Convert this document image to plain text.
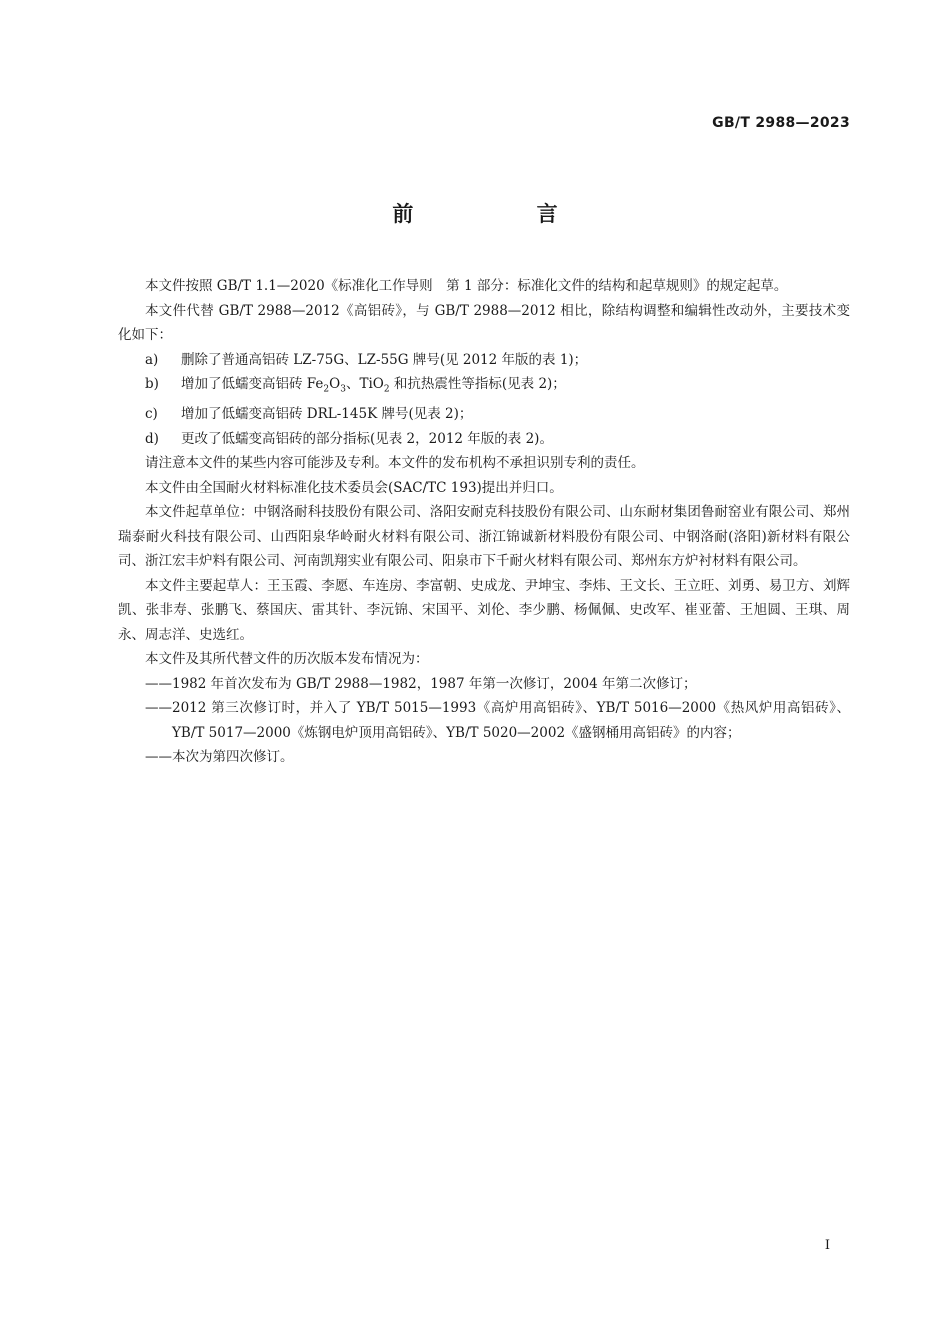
GB/T 2988—2023
前 言

本文件按照 GB/T 1.1—2020《标准化工作导则　第 1 部分：标准化文件的结构和起草规则》的规定起草。

本文件代替 GB/T 2988—2012《高铝砖》，与 GB/T 2988—2012 相比，除结构调整和编辑性改动外，主要技术变化如下：

a) 删除了普通高铝砖 LZ-75G、LZ-55G 牌号(见 2012 年版的表 1)；

b) 增加了低蠕变高铝砖 $Fe_2O_3$、TiO$_2$ 和抗热震性等指标(见表 2)；

c) 增加了低蠕变高铝砖 DRL-145K 牌号(见表 2)；

d) 更改了低蠕变高铝砖的部分指标(见表 2，2012 年版的表 2)。

请注意本文件的某些内容可能涉及专利。本文件的发布机构不承担识别专利的责任。

本文件由全国耐火材料标准化技术委员会(SAC/TC 193)提出并归口。

本文件起草单位：中钢洛耐科技股份有限公司、洛阳安耐克科技股份有限公司、山东耐材集团鲁耐窑业有限公司、郑州瑞泰耐火科技有限公司、山西阳泉华岭耐火材料有限公司、浙江锦诚新材料股份有限公司、中钢洛耐(洛阳)新材料有限公司、浙江宏丰炉料有限公司、河南凯翔实业有限公司、阳泉市下千耐火材料有限公司、郑州东方炉衬材料有限公司。

本文件主要起草人：王玉霞、李愿、车连房、李富朝、史成龙、尹坤宝、李炜、王文长、王立旺、刘勇、易卫方、刘辉凯、张非寿、张鹏飞、蔡国庆、雷其针、李沅锦、宋国平、刘伦、李少鹏、杨佩佩、史改军、崔亚蕾、王旭圆、王琪、周永、周志洋、史选红。

本文件及其所代替文件的历次版本发布情况为：

——1982 年首次发布为 GB/T 2988—1982，1987 年第一次修订，2004 年第二次修订；

——2012 第三次修订时，并入了 YB/T 5015—1993《高炉用高铝砖》、YB/T 5016—2000《热风炉用高铝砖》、YB/T 5017—2000《炼钢电炉顶用高铝砖》、YB/T 5020—2002《盛钢桶用高铝砖》的内容；

——本次为第四次修订。

I
